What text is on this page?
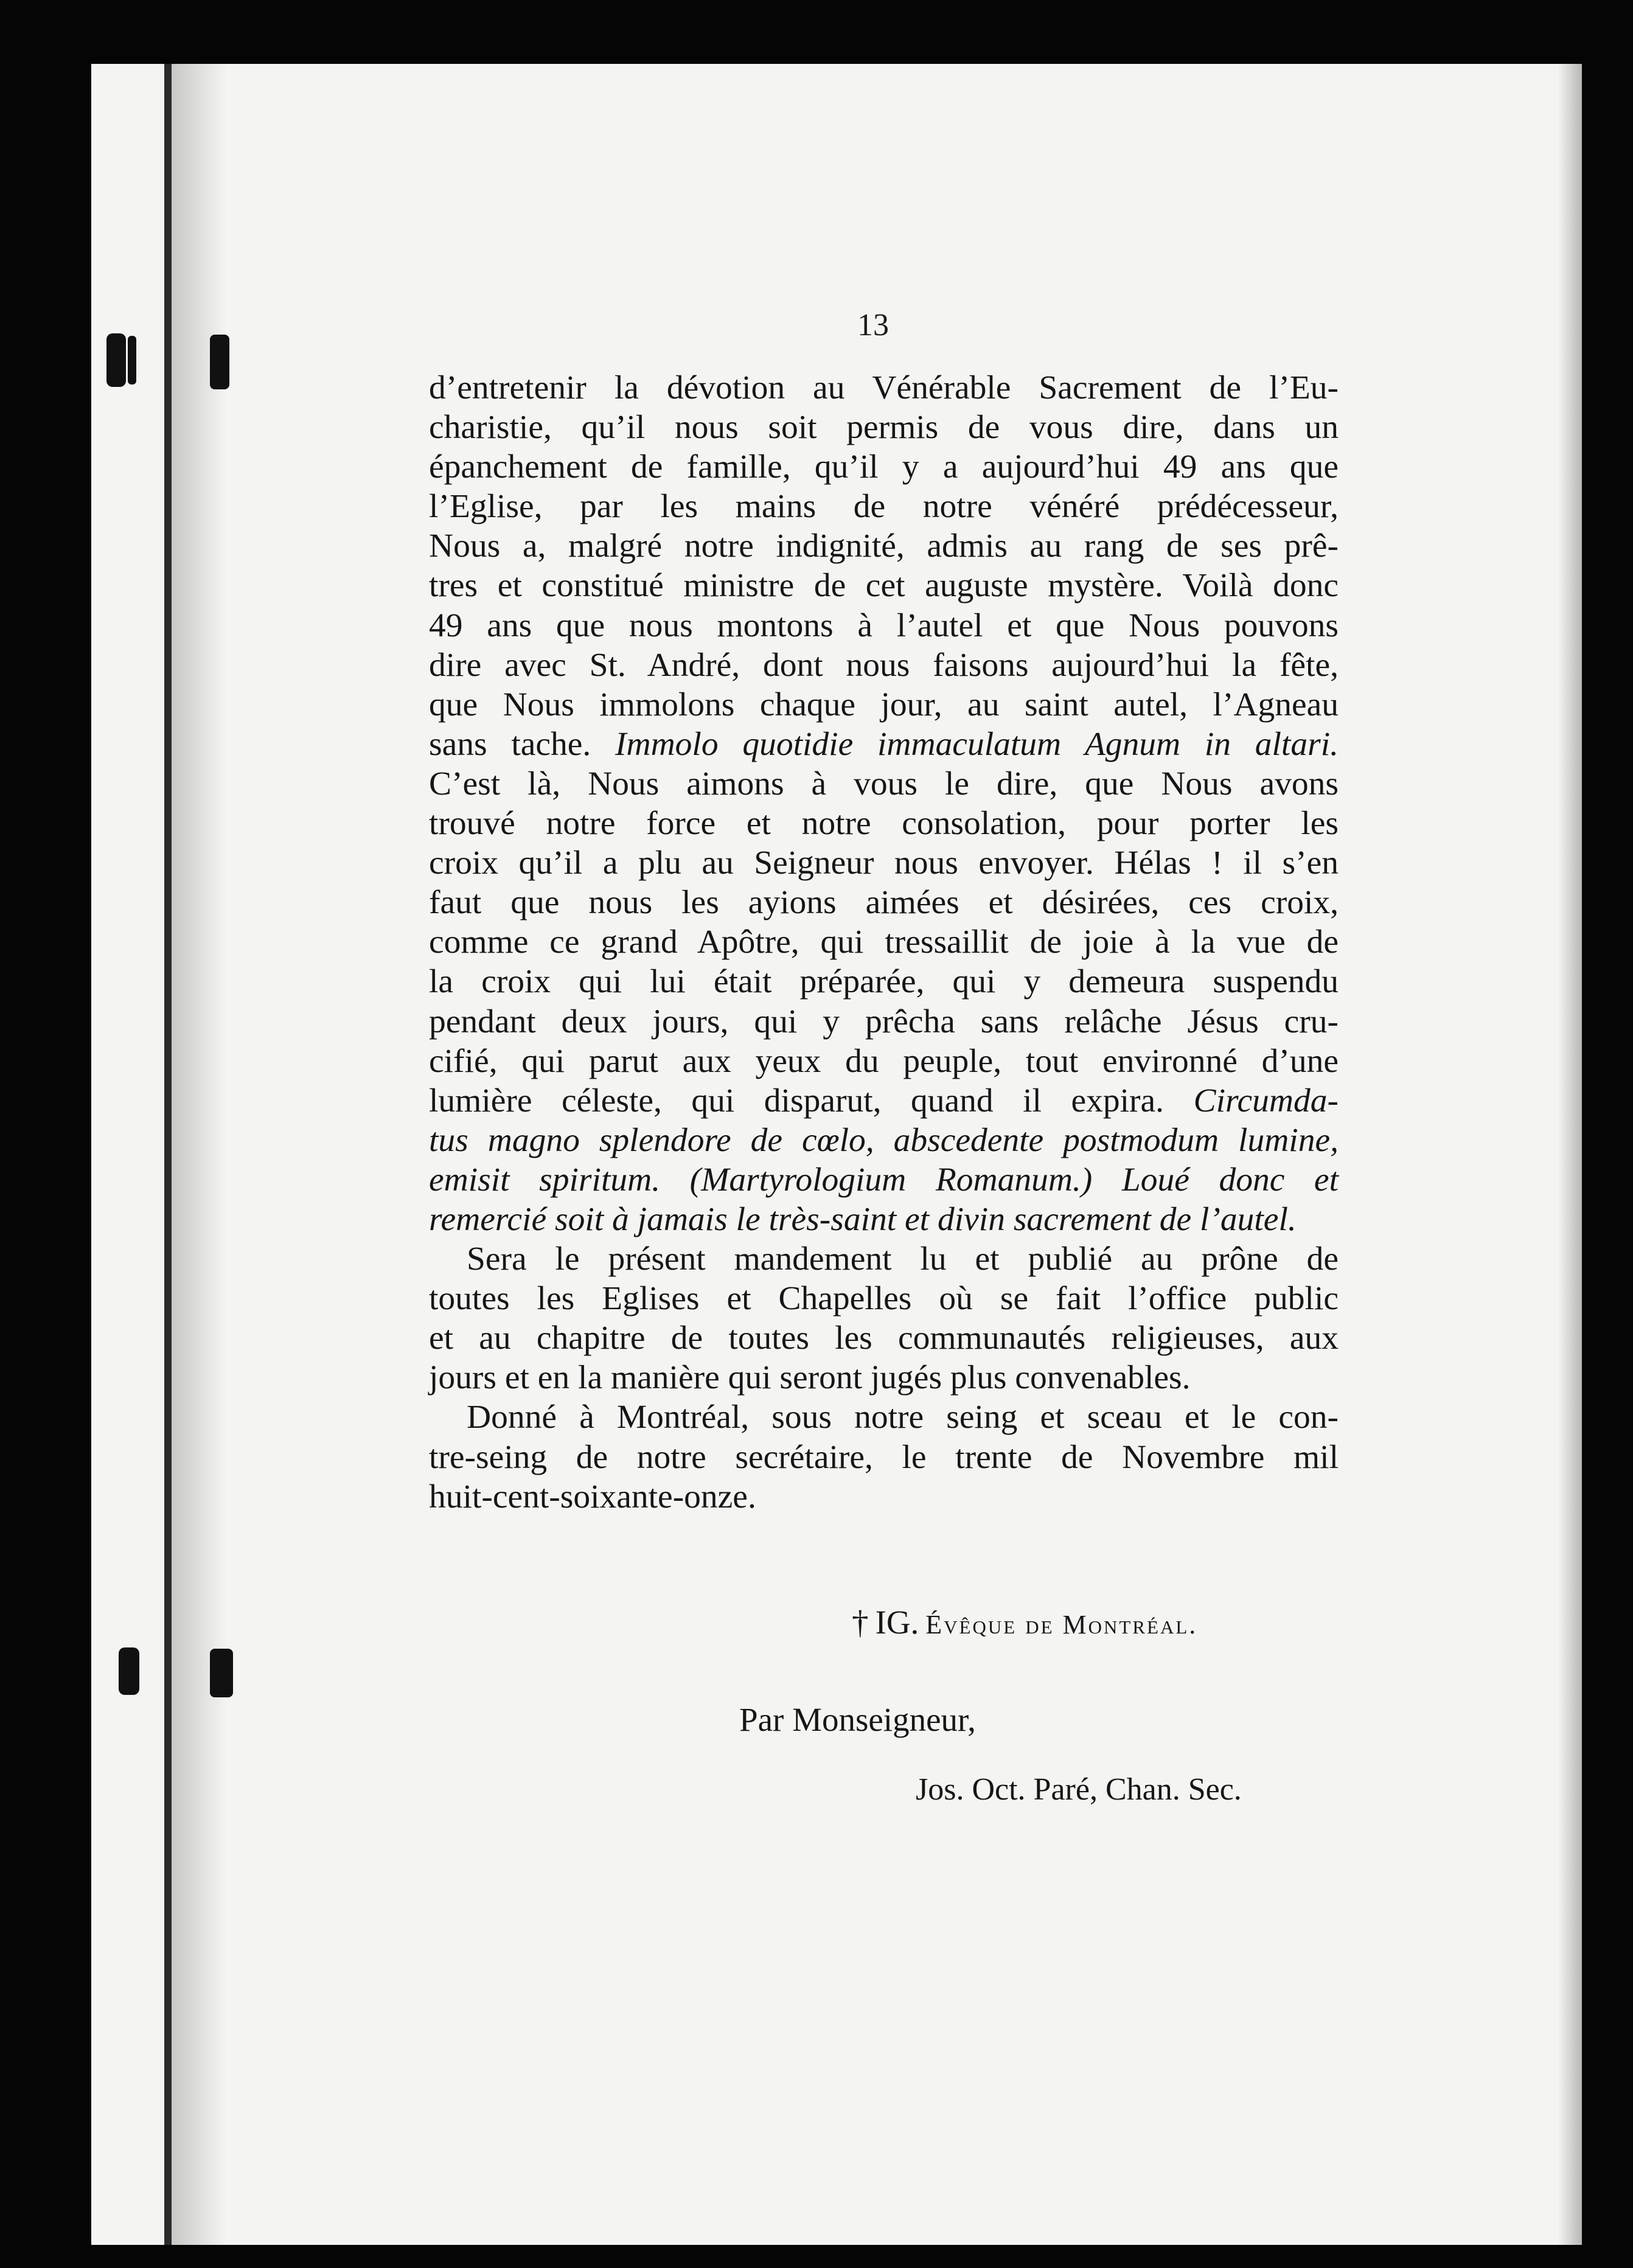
13
d’entretenir la dévotion au Vénérable Sacrement de l’Eu-
charistie, qu’il nous soit permis de vous dire, dans un
épanchement de famille, qu’il y a aujourd’hui 49 ans que
l’Eglise, par les mains de notre vénéré prédécesseur,
Nous a, malgré notre indignité, admis au rang de ses prê-
tres et constitué ministre de cet auguste mystère. Voilà donc
49 ans que nous montons à l’autel et que Nous pouvons
dire avec St. André, dont nous faisons aujourd’hui la fête,
que Nous immolons chaque jour, au saint autel, l’Agneau
sans tache. Immolo quotidie immaculatum Agnum in altari.
C’est là, Nous aimons à vous le dire, que Nous avons
trouvé notre force et notre consolation, pour porter les
croix qu’il a plu au Seigneur nous envoyer. Hélas ! il s’en
faut que nous les ayions aimées et désirées, ces croix,
comme ce grand Apôtre, qui tressaillit de joie à la vue de
la croix qui lui était préparée, qui y demeura suspendu
pendant deux jours, qui y prêcha sans relâche Jésus cru-
cifié, qui parut aux yeux du peuple, tout environné d’une
lumière céleste, qui disparut, quand il expira. Circumda-
tus magno splendore de cœlo, abscedente postmodum lumine,
emisit spiritum. (Martyrologium Romanum.) Loué donc et
remercié soit à jamais le très-saint et divin sacrement de l’autel.
Sera le présent mandement lu et publié au prône de
toutes les Eglises et Chapelles où se fait l’office public
et au chapitre de toutes les communautés religieuses, aux
jours et en la manière qui seront jugés plus convenables.
Donné à Montréal, sous notre seing et sceau et le con-
tre-seing de notre secrétaire, le trente de Novembre mil
huit-cent-soixante-onze.
† IG. Évêque de Montréal.
Par Monseigneur,
Jos. Oct. Paré, Chan. Sec.
